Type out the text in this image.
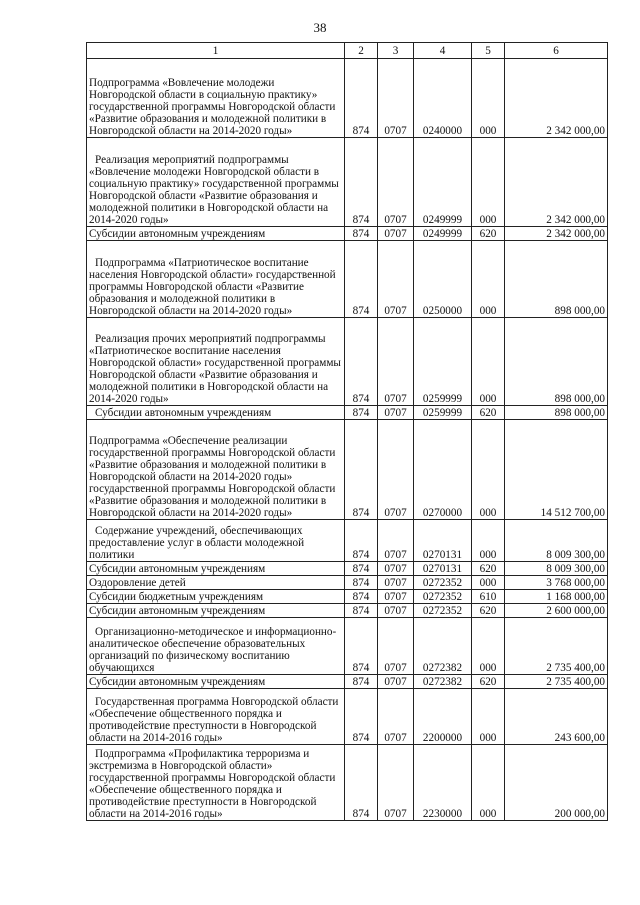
38
1	2	3	4	5	6
Подпрограмма «Вовлечение молодежи Новгородской области в социальную практику» государственной программы Новгородской области «Развитие образования и молодежной политики в Новгородской области на 2014-2020 годы»	874	0707	0240000	000	2 342 000,00
Реализация мероприятий подпрограммы «Вовлечение молодежи Новгородской области в социальную практику» государственной программы Новгородской области «Развитие образования и молодежной политики в Новгородской области на 2014-2020 годы»	874	0707	0249999	000	2 342 000,00
Субсидии автономным учреждениям	874	0707	0249999	620	2 342 000,00
Подпрограмма «Патриотическое воспитание населения Новгородской области» государственной программы Новгородской области «Развитие образования и молодежной политики в Новгородской области на 2014-2020 годы»	874	0707	0250000	000	898 000,00
Реализация прочих мероприятий подпрограммы «Патриотическое воспитание населения Новгородской области» государственной программы Новгородской области «Развитие образования и молодежной политики в Новгородской области на 2014-2020 годы»	874	0707	0259999	000	898 000,00
Субсидии автономным учреждениям	874	0707	0259999	620	898 000,00
Подпрограмма «Обеспечение реализации государственной программы Новгородской области «Развитие образования и молодежной политики в Новгородской области на 2014-2020 годы» государственной программы Новгородской области «Развитие образования и молодежной политики в Новгородской области на 2014-2020 годы»	874	0707	0270000	000	14 512 700,00
Содержание учреждений, обеспечивающих предоставление услуг в области молодежной политики	874	0707	0270131	000	8 009 300,00
Субсидии автономным учреждениям	874	0707	0270131	620	8 009 300,00
Оздоровление детей	874	0707	0272352	000	3 768 000,00
Субсидии бюджетным учреждениям	874	0707	0272352	610	1 168 000,00
Субсидии автономным учреждениям	874	0707	0272352	620	2 600 000,00
Организационно-методическое и информационно-аналитическое обеспечение образовательных организаций по физическому воспитанию обучающихся	874	0707	0272382	000	2 735 400,00
Субсидии автономным учреждениям	874	0707	0272382	620	2 735 400,00
Государственная программа Новгородской области «Обеспечение общественного порядка и противодействие преступности в Новгородской области на 2014-2016 годы»	874	0707	2200000	000	243 600,00
Подпрограмма «Профилактика терроризма и экстремизма в Новгородской области» государственной программы Новгородской области «Обеспечение общественного порядка и противодействие преступности в Новгородской области на 2014-2016 годы»	874	0707	2230000	000	200 000,00
